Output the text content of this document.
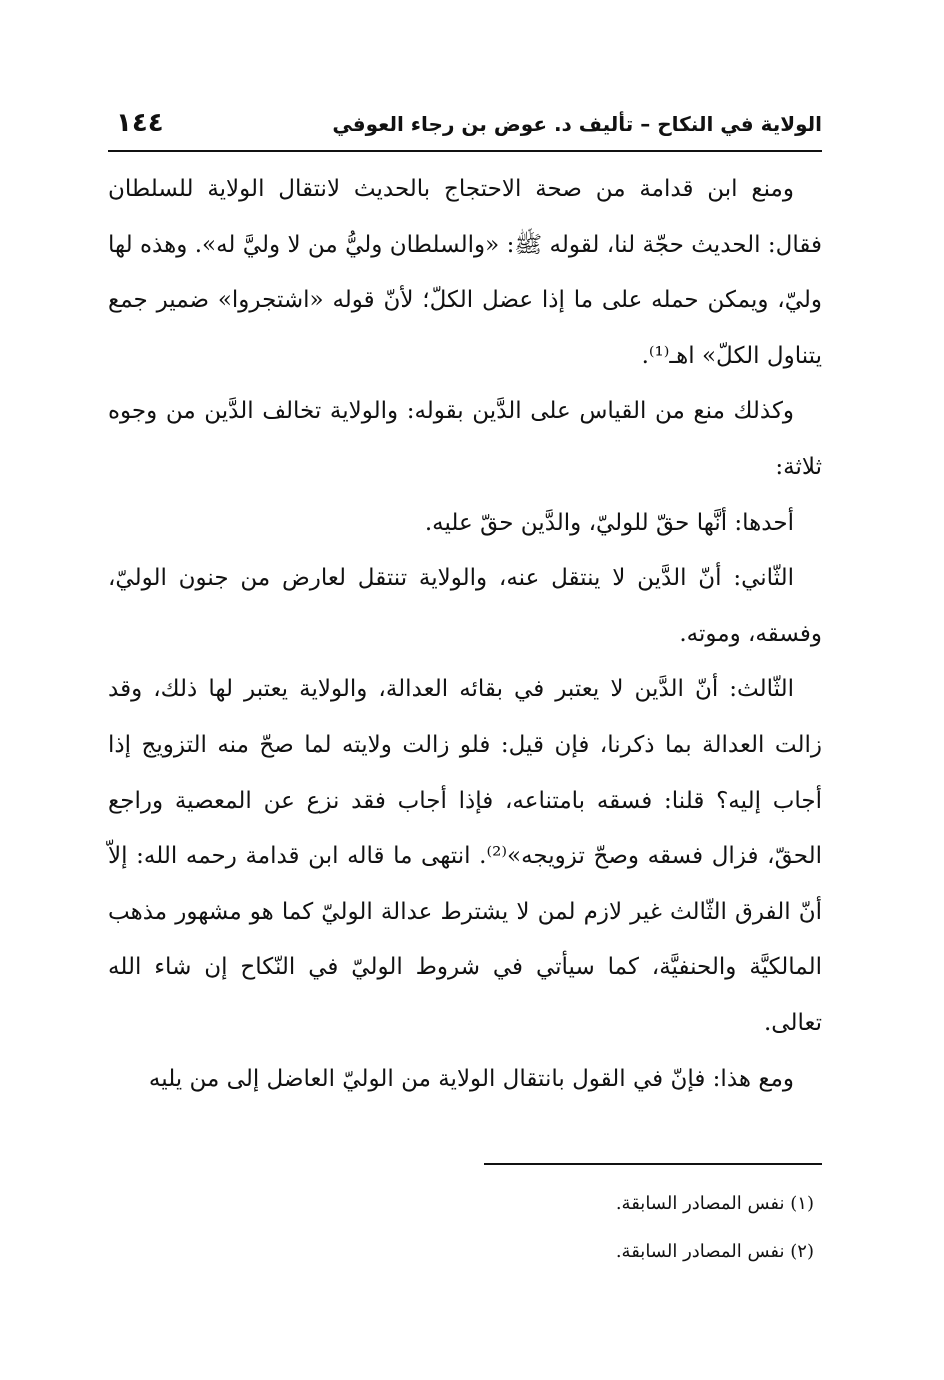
الولاية في النكاح – تأليف د. عوض بن رجاء العوفي
١٤٤

ومنع ابن قدامة من صحة الاحتجاج بالحديث لانتقال الولاية للسلطان فقال: الحديث حجّة لنا، لقوله ﷺ: «والسلطان وليُّ من لا وليَّ له». وهذه لها وليّ، ويمكن حمله على ما إذا عضل الكلّ؛ لأنّ قوله «اشتجروا» ضمير جمع يتناول الكلّ» اهـ⁽¹⁾.

وكذلك منع من القياس على الدَّين بقوله: والولاية تخالف الدَّين من وجوه ثلاثة:

أحدها: أنَّها حقّ للوليّ، والدَّين حقّ عليه.

الثّاني: أنّ الدَّين لا ينتقل عنه، والولاية تنتقل لعارض من جنون الوليّ، وفسقه، وموته.

الثّالث: أنّ الدَّين لا يعتبر في بقائه العدالة، والولاية يعتبر لها ذلك، وقد زالت العدالة بما ذكرنا، فإن قيل: فلو زالت ولايته لما صحّ منه التزويج إذا أجاب إليه؟ قلنا: فسقه بامتناعه، فإذا أجاب فقد نزع عن المعصية وراجع الحقّ، فزال فسقه وصحّ تزويجه»⁽²⁾. انتهى ما قاله ابن قدامة رحمه الله: إلاّ أنّ الفرق الثّالث غير لازم لمن لا يشترط عدالة الوليّ كما هو مشهور مذهب المالكيَّة والحنفيَّة، كما سيأتي في شروط الوليّ في النّكاح إن شاء الله تعالى.

ومع هذا: فإنّ في القول بانتقال الولاية من الوليّ العاضل إلى من يليه

(١) نفس المصادر السابقة.

(٢) نفس المصادر السابقة.
